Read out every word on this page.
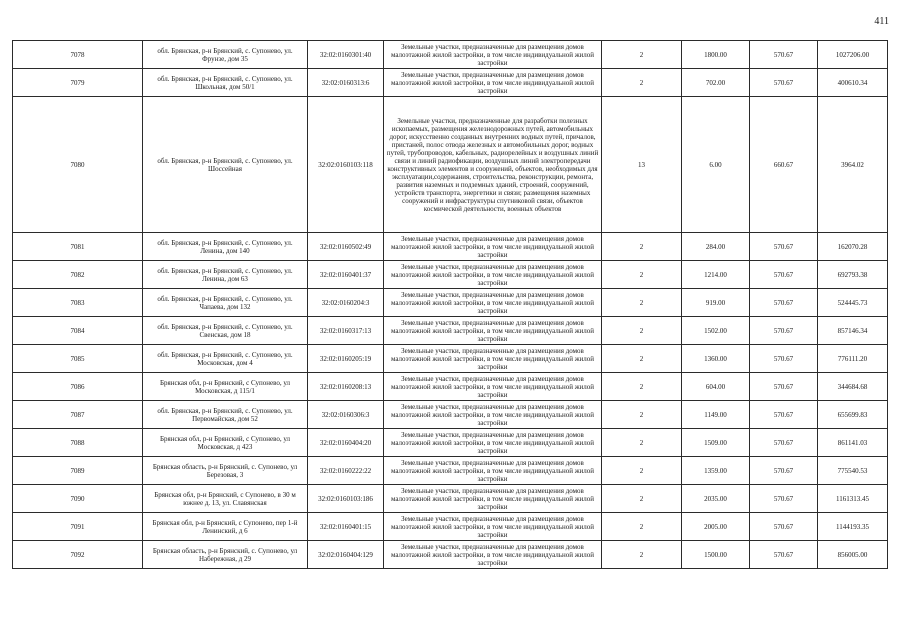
411
7078	обл. Брянская, р-н Брянский, с. Супонево, ул. Фрунзе, дом 35	32:02:0160301:40	Земельные участки, предназначенные для размещения домов малоэтажной жилой застройки, в том числе индивидуальной жилой застройки	2	1800.00	570.67	1027206.00
7079	обл. Брянская, р-н Брянский, с. Супонево, ул. Школьная, дом 50/1	32:02:0160313:6	Земельные участки, предназначенные для размещения домов малоэтажной жилой застройки, в том числе индивидуальной жилой застройки	2	702.00	570.67	400610.34
7080	обл. Брянская, р-н Брянский, с. Супонево, ул. Шоссейная	32:02:0160103:118	Земельные участки, предназначенные для разработки полезных ископаемых, размещения железнодорожных путей, автомобильных дорог, искусственно созданных внутренних водных путей, причалов, пристаней, полос отвода железных и автомобильных дорог, водных путей, трубопроводов, кабельных, радиорелейных и воздушных линий связи и линий радиофикации, воздушных линий электропередачи конструктивных элементов и сооружений, объектов, необходимых для эксплуатации,содержания, строительства, реконструкции, ремонта, развития наземных и подземных зданий, строений, сооружений, устройств транспорта, энергетики и связи; размещения наземных сооружений и инфраструктуры спутниковой связи, объектов космической деятельности, военных объектов	13	6.00	660.67	3964.02
7081	обл. Брянская, р-н Брянский, с. Супонево, ул. Ленина, дом 140	32:02:0160502:49	Земельные участки, предназначенные для размещения домов малоэтажной жилой застройки, в том числе индивидуальной жилой застройки	2	284.00	570.67	162070.28
7082	обл. Брянская, р-н Брянский, с. Супонево, ул. Ленина, дом 63	32:02:0160401:37	Земельные участки, предназначенные для размещения домов малоэтажной жилой застройки, в том числе индивидуальной жилой застройки	2	1214.00	570.67	692793.38
7083	обл. Брянская, р-н Брянский, с. Супонево, ул. Чапаева, дом 132	32:02:0160204:3	Земельные участки, предназначенные для размещения домов малоэтажной жилой застройки, в том числе индивидуальной жилой застройки	2	919.00	570.67	524445.73
7084	обл. Брянская, р-н Брянский, с. Супонево, ул. Свенская, дом 18	32:02:0160317:13	Земельные участки, предназначенные для размещения домов малоэтажной жилой застройки, в том числе индивидуальной жилой застройки	2	1502.00	570.67	857146.34
7085	обл. Брянская, р-н Брянский, с. Супонево, ул. Московская, дом 4	32:02:0160205:19	Земельные участки, предназначенные для размещения домов малоэтажной жилой застройки, в том числе индивидуальной жилой застройки	2	1360.00	570.67	776111.20
7086	Брянская обл, р-н Брянский, с Супонево, ул Московская, д 115/1	32:02:0160208:13	Земельные участки, предназначенные для размещения домов малоэтажной жилой застройки, в том числе индивидуальной жилой застройки	2	604.00	570.67	344684.68
7087	обл. Брянская, р-н Брянский, с. Супонево, ул. Первомайская, дом 52	32:02:0160306:3	Земельные участки, предназначенные для размещения домов малоэтажной жилой застройки, в том числе индивидуальной жилой застройки	2	1149.00	570.67	655699.83
7088	Брянская обл, р-н Брянский, с Супонево, ул Московская, д 423	32:02:0160404:20	Земельные участки, предназначенные для размещения домов малоэтажной жилой застройки, в том числе индивидуальной жилой застройки	2	1509.00	570.67	861141.03
7089	Брянская область, р-н Брянский, с. Супонево, ул Березовая, 3	32:02:0160222:22	Земельные участки, предназначенные для размещения домов малоэтажной жилой застройки, в том числе индивидуальной жилой застройки	2	1359.00	570.67	775540.53
7090	Брянская обл, р-н Брянский, с Супонево, в 30 м южнее д. 13, ул. Славянская	32:02:0160103:186	Земельные участки, предназначенные для размещения домов малоэтажной жилой застройки, в том числе индивидуальной жилой застройки	2	2035.00	570.67	1161313.45
7091	Брянская обл, р-н Брянский, с Супонево, пер 1-й Ленинский, д 6	32:02:0160401:15	Земельные участки, предназначенные для размещения домов малоэтажной жилой застройки, в том числе индивидуальной жилой застройки	2	2005.00	570.67	1144193.35
7092	Брянская область, р-н Брянский, с. Супонево, ул Набережная, д 29	32:02:0160404:129	Земельные участки, предназначенные для размещения домов малоэтажной жилой застройки, в том числе индивидуальной жилой застройки	2	1500.00	570.67	856005.00
